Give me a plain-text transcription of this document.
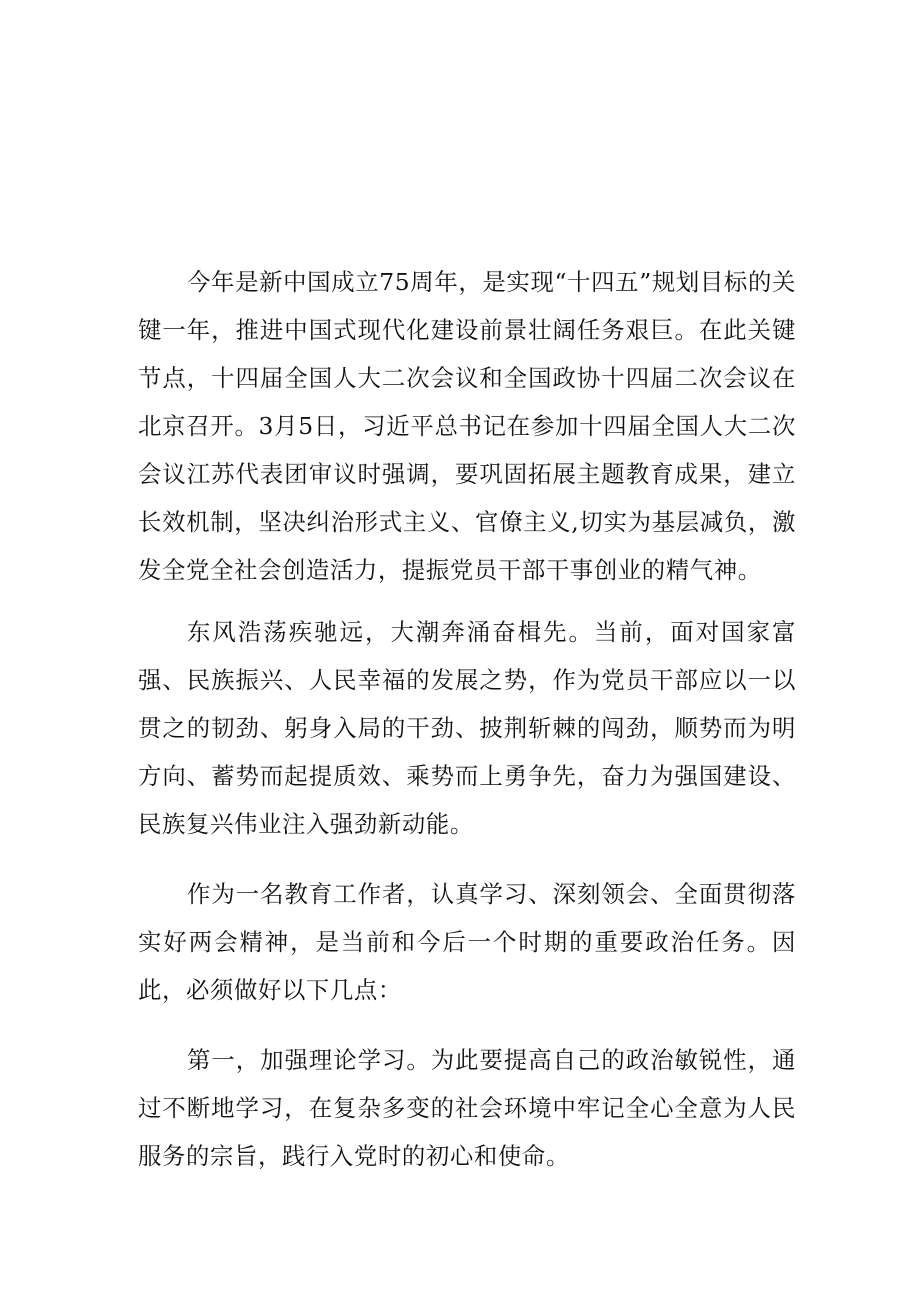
今年是新中国成立75周年，是实现“十四五”规划目标的关键一年，推进中国式现代化建设前景壮阔任务艰巨。在此关键节点，十四届全国人大二次会议和全国政协十四届二次会议在北京召开。3月5日，习近平总书记在参加十四届全国人大二次会议江苏代表团审议时强调，要巩固拓展主题教育成果，建立长效机制，坚决纠治形式主义、官僚主义,切实为基层减负，激发全党全社会创造活力，提振党员干部干事创业的精气神。

东风浩荡疾驰远，大潮奔涌奋楫先。当前，面对国家富强、民族振兴、人民幸福的发展之势，作为党员干部应以一以贯之的韧劲、躬身入局的干劲、披荆斩棘的闯劲，顺势而为明方向、蓄势而起提质效、乘势而上勇争先，奋力为强国建设、民族复兴伟业注入强劲新动能。

作为一名教育工作者，认真学习、深刻领会、全面贯彻落实好两会精神，是当前和今后一个时期的重要政治任务。因此，必须做好以下几点：

第一，加强理论学习。为此要提高自己的政治敏锐性，通过不断地学习，在复杂多变的社会环境中牢记全心全意为人民服务的宗旨，践行入党时的初心和使命。
